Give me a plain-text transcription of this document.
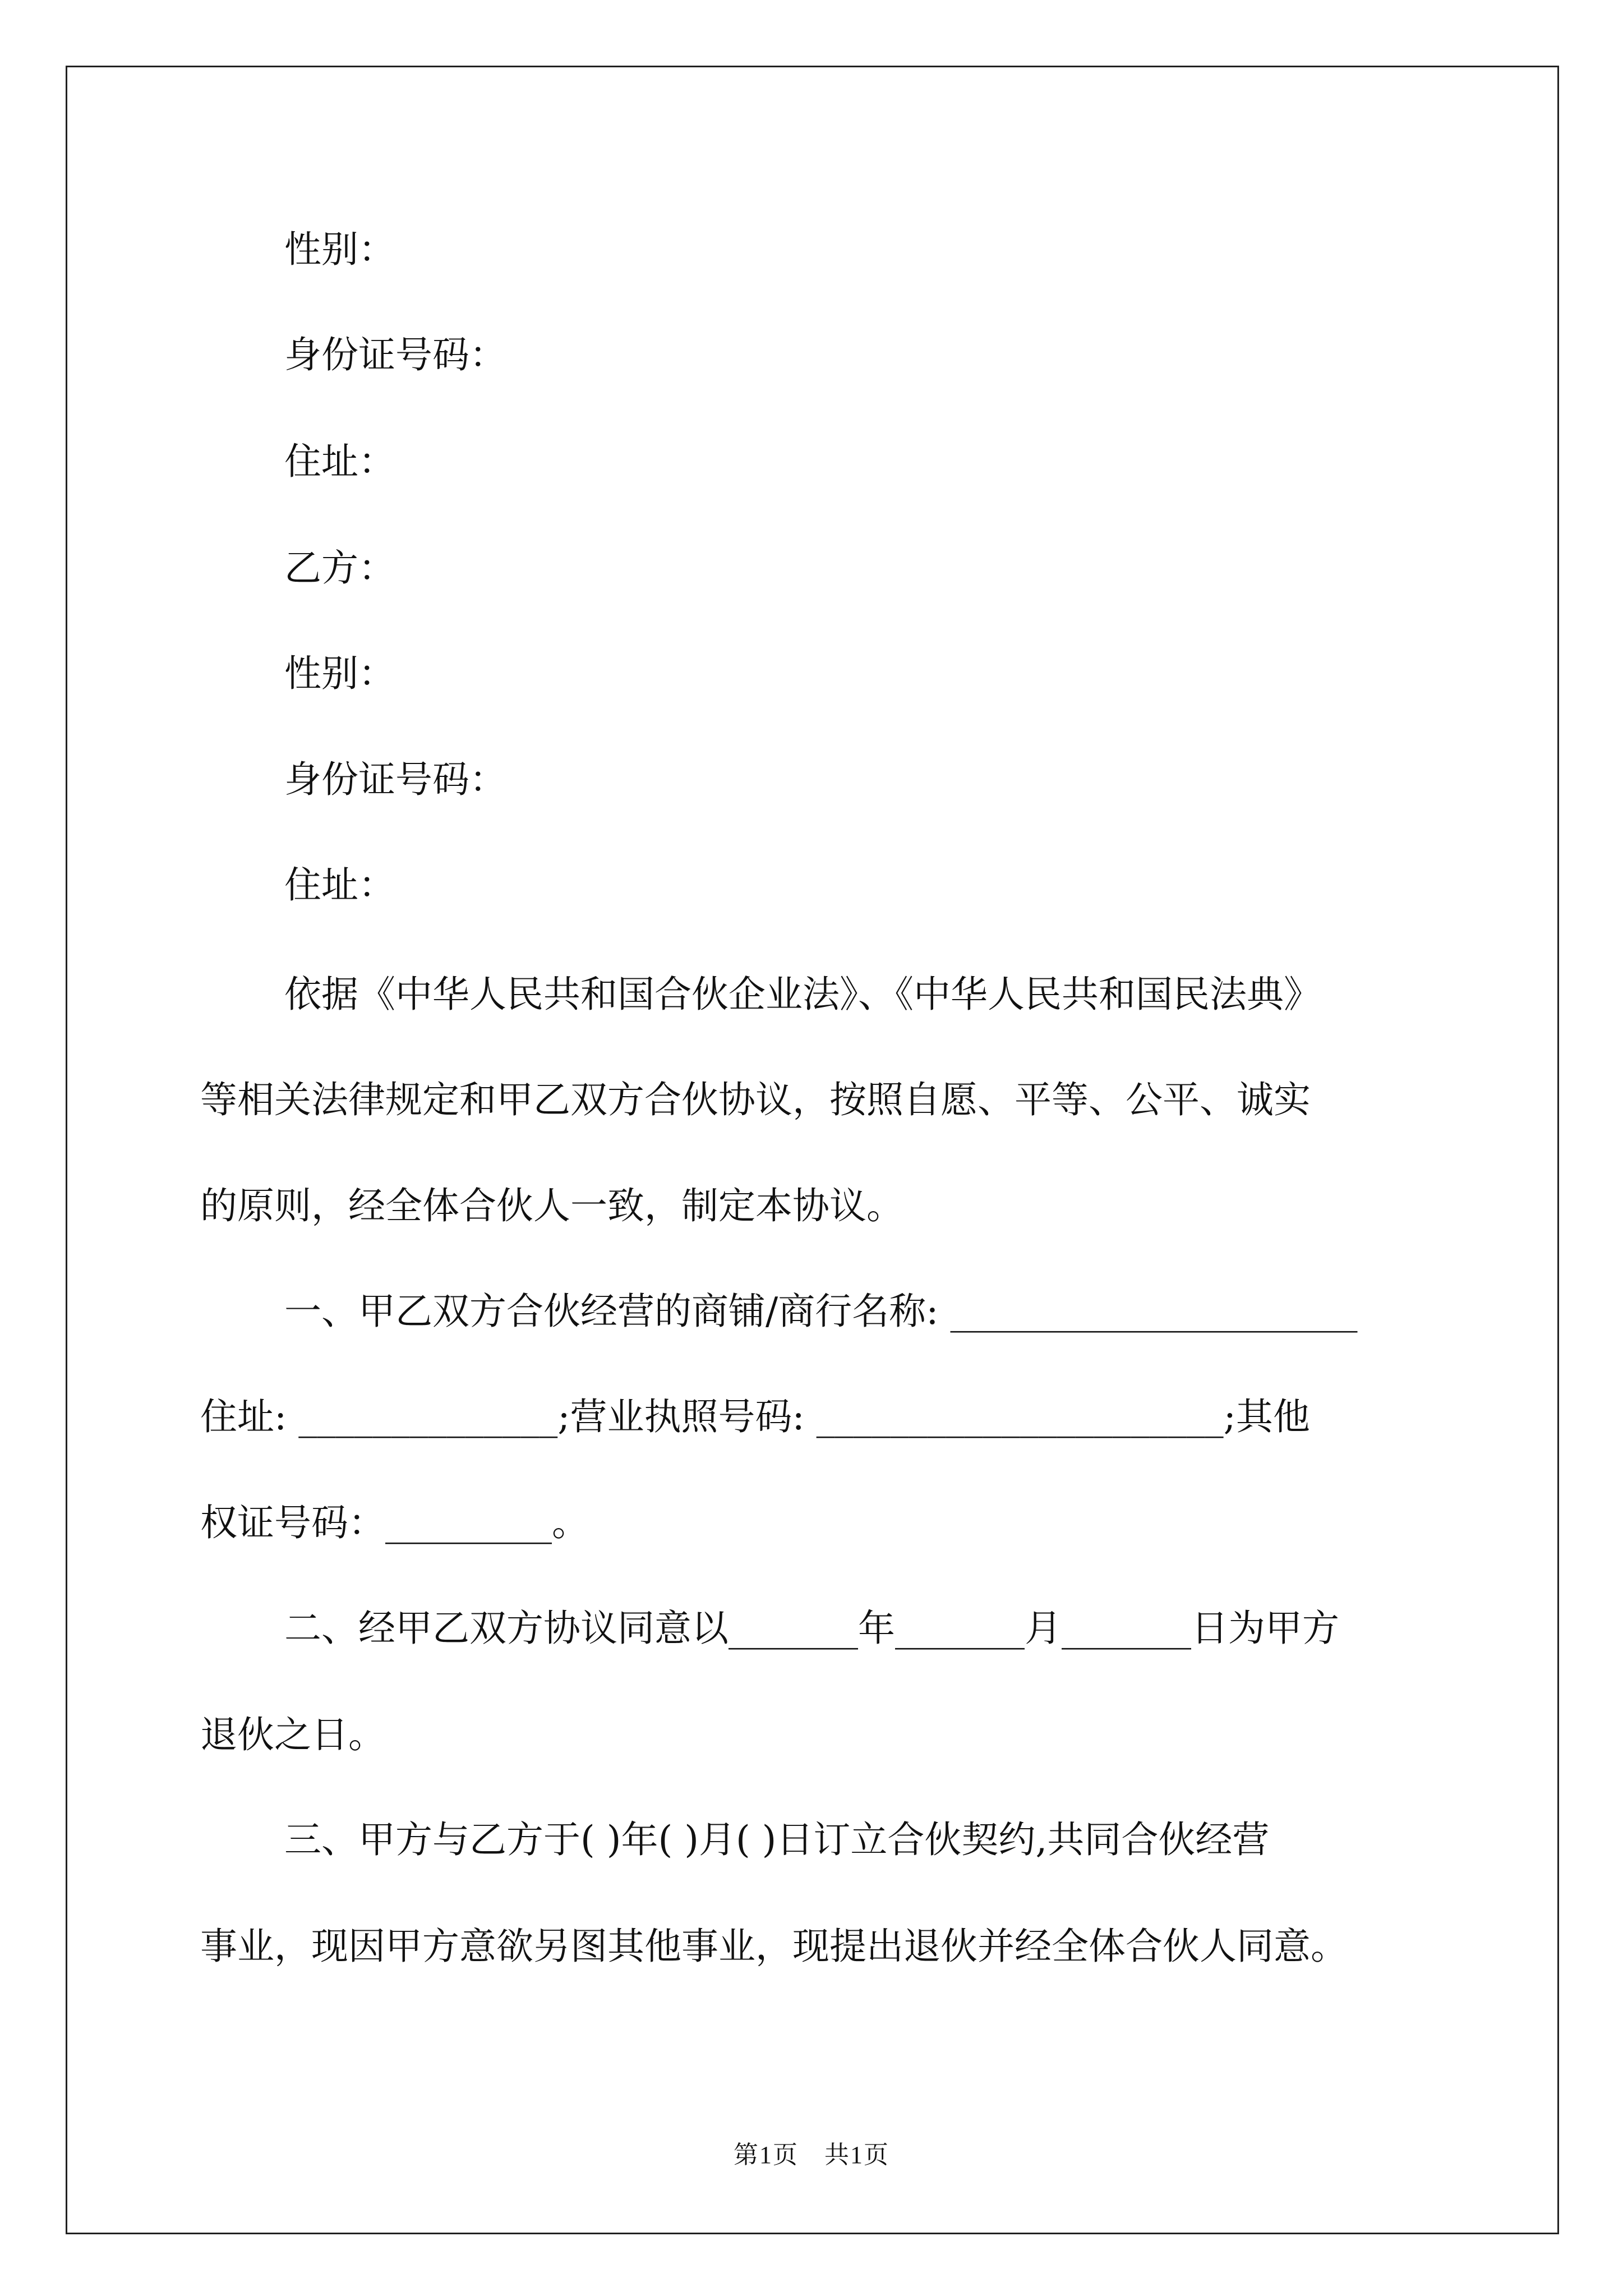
性别：
身份证号码：
住址：
乙方：
性别：
身份证号码：
住址：
依据《中华人民共和国合伙企业法》、《中华人民共和国民法典》
等相关法律规定和甲乙双方合伙协议，按照自愿、平等、公平、诚实
的原则，经全体合伙人一致，制定本协议。
一、甲乙双方合伙经营的商铺/商行名称: ______________________
住址: ______________;营业执照号码: ______________________;其他
权证号码：_________。
二、经甲乙双方协议同意以_______年_______月_______日为甲方
退伙之日。
三、甲方与乙方于( )年( )月( )日订立合伙契约,共同合伙经营
事业，现因甲方意欲另图其他事业，现提出退伙并经全体合伙人同意。
第1页　共1页
